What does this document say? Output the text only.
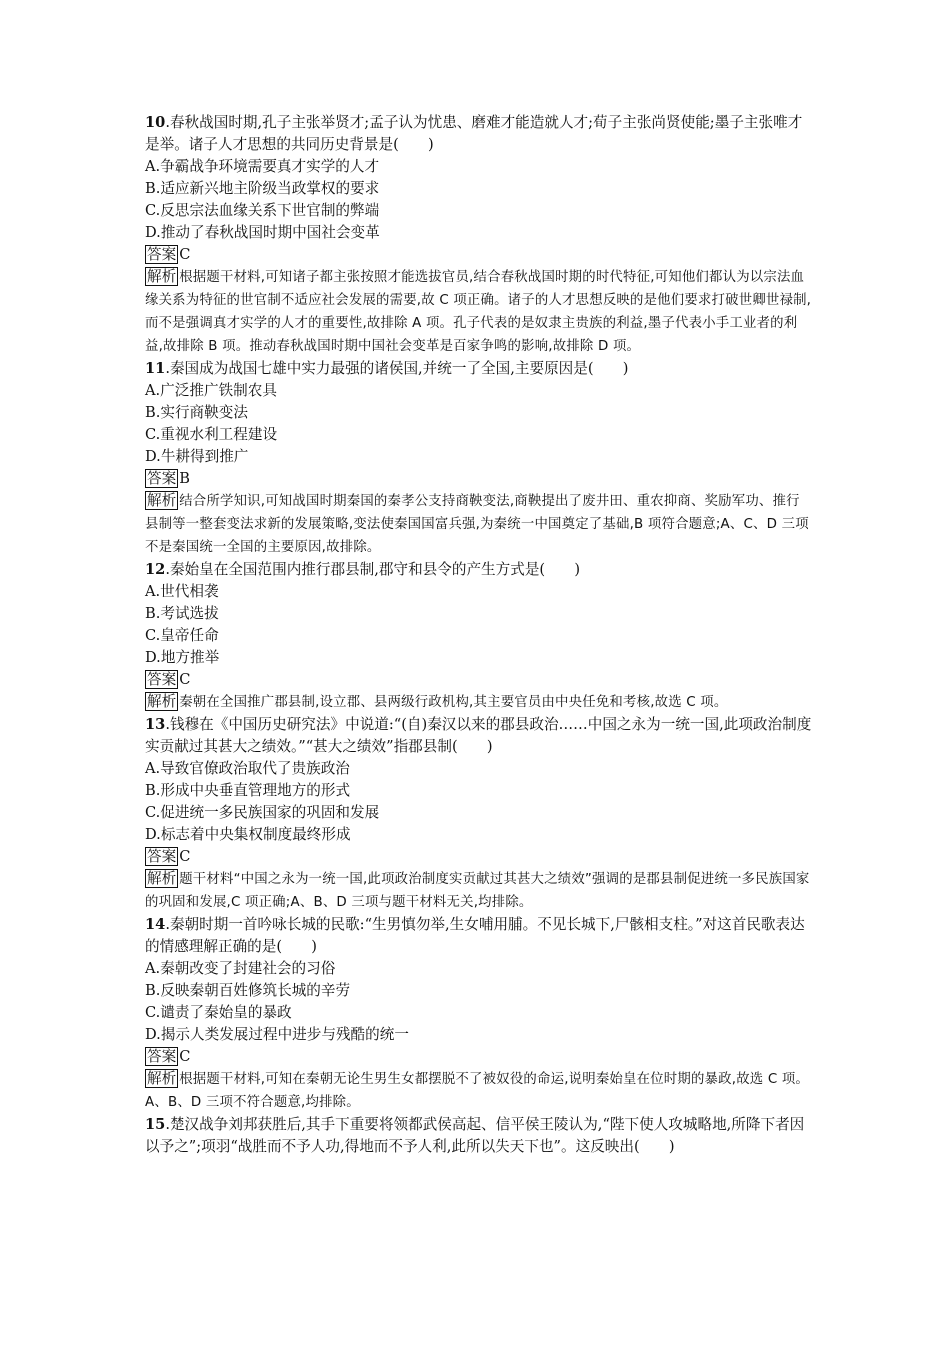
10.春秋战国时期,孔子主张举贤才;孟子认为忧患、磨难才能造就人才;荀子主张尚贤使能;墨子主张唯才是举。诸子人才思想的共同历史背景是(　　)

A.争霸战争环境需要真才实学的人才

B.适应新兴地主阶级当政掌权的要求

C.反思宗法血缘关系下世官制的弊端

D.推动了春秋战国时期中国社会变革

答案 C

解析 根据题干材料,可知诸子都主张按照才能选拔官员,结合春秋战国时期的时代特征,可知他们都认为以宗法血缘关系为特征的世官制不适应社会发展的需要,故 C 项正确。诸子的人才思想反映的是他们要求打破世卿世禄制,而不是强调真才实学的人才的重要性,故排除 A 项。孔子代表的是奴隶主贵族的利益,墨子代表小手工业者的利益,故排除 B 项。推动春秋战国时期中国社会变革是百家争鸣的影响,故排除 D 项。

11.秦国成为战国七雄中实力最强的诸侯国,并统一了全国,主要原因是(　　)

A.广泛推广铁制农具

B.实行商鞅变法

C.重视水利工程建设

D.牛耕得到推广

答案 B

解析 结合所学知识,可知战国时期秦国的秦孝公支持商鞅变法,商鞅提出了废井田、重农抑商、奖励军功、推行县制等一整套变法求新的发展策略,变法使秦国国富兵强,为秦统一中国奠定了基础,B 项符合题意;A、C、D 三项不是秦国统一全国的主要原因,故排除。

12.秦始皇在全国范围内推行郡县制,郡守和县令的产生方式是(　　)

A.世代相袭

B.考试选拔

C.皇帝任命

D.地方推举

答案 C

解析 秦朝在全国推广郡县制,设立郡、县两级行政机构,其主要官员由中央任免和考核,故选 C 项。

13.钱穆在《中国历史研究法》中说道:“(自)秦汉以来的郡县政治……中国之永为一统一国,此项政治制度实贡献过其甚大之绩效。”“甚大之绩效”指郡县制(　　)

A.导致官僚政治取代了贵族政治

B.形成中央垂直管理地方的形式

C.促进统一多民族国家的巩固和发展

D.标志着中央集权制度最终形成

答案 C

解析 题干材料“中国之永为一统一国,此项政治制度实贡献过其甚大之绩效”强调的是郡县制促进统一多民族国家的巩固和发展,C 项正确;A、B、D 三项与题干材料无关,均排除。

14.秦朝时期一首吟咏长城的民歌:“生男慎勿举,生女哺用脯。不见长城下,尸骸相支柱。”对这首民歌表达的情感理解正确的是(　　)

A.秦朝改变了封建社会的习俗

B.反映秦朝百姓修筑长城的辛劳

C.谴责了秦始皇的暴政

D.揭示人类发展过程中进步与残酷的统一

答案 C

解析 根据题干材料,可知在秦朝无论生男生女都摆脱不了被奴役的命运,说明秦始皇在位时期的暴政,故选 C 项。A、B、D 三项不符合题意,均排除。

15.楚汉战争刘邦获胜后,其手下重要将领都武侯高起、信平侯王陵认为,“陛下使人攻城略地,所降下者因以予之”;项羽“战胜而不予人功,得地而不予人利,此所以失天下也”。这反映出(　　)
